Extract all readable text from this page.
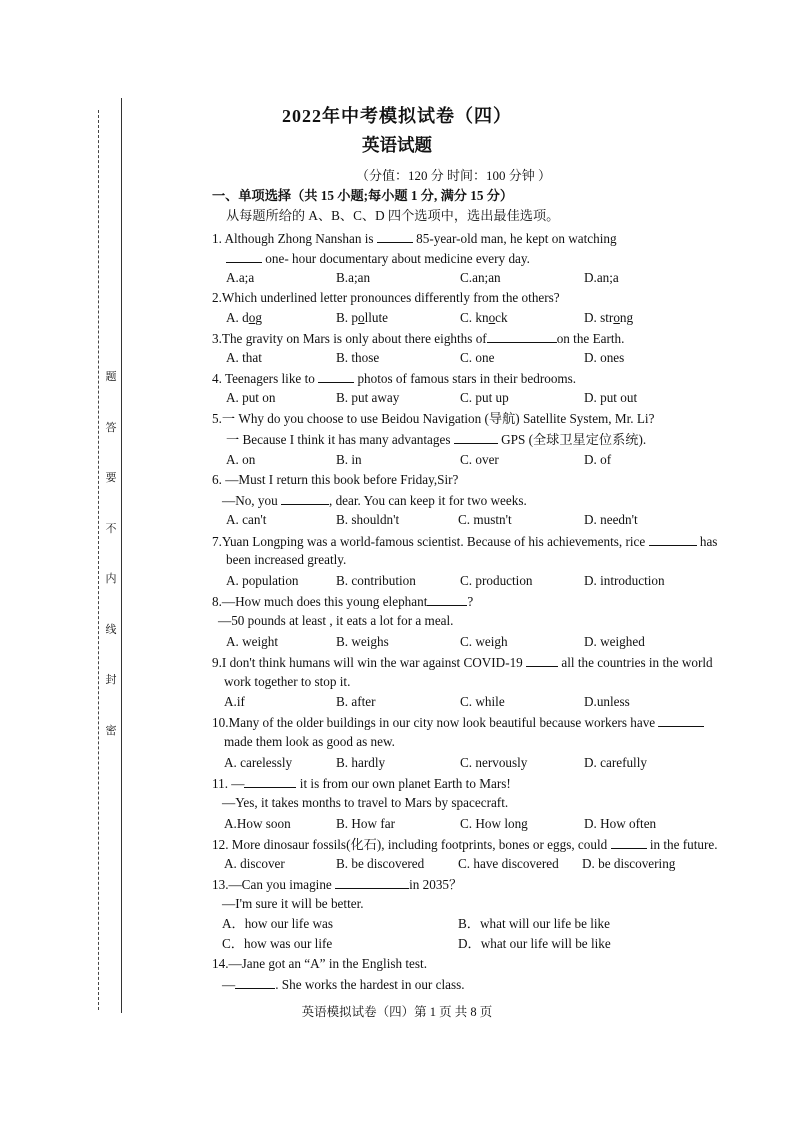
题
答
要
不
内
线
封
密
2022年中考模拟试卷（四）
英语试题
（分值：120 分 时间：100 分钟 ）
一、单项选择（共 15 小题;每小题 1 分, 满分 15 分）
从每题所给的 A、B、C、D 四个选项中，选出最佳选项。
1. Although Zhong Nanshan is	85-year-old man, he kept on watching
one- hour documentary about medicine every day.
A.a;a	B.a;an	C.an;an	D.an;a
2.Which underlined letter pronounces differently from the others?
A. dog	B. pollute	C. knock	D. strong
3.The gravity on Mars is only about there eighths of	on the Earth.
A. that	B. those	C. one	D. ones
4. Teenagers like to	photos of famous stars in their bedrooms.
A. put on	B. put away	C. put up	D. put out
5.一 Why do you choose to use Beidou Navigation (导航) Satellite System, Mr. Li?
一 Because I think it has many advantages	GPS (全球卫星定位系统).
A. on	B. in	C. over	D. of
6. —Must I return this book before Friday,Sir?
—No, you	, dear. You can keep it for two weeks.
A. can't	B. shouldn't	C. mustn't	D. needn't
7.Yuan Longping was a world-famous scientist. Because of his achievements, rice	has
been increased greatly.
A. population	B. contribution	C. production	D. introduction
8.—How much does this young elephant	?
—50 pounds at least , it eats a lot for a meal.
A. weight	B. weighs	C. weigh	D. weighed
9.I don't think humans will win the war against COVID-19	all the countries in the world
work together to stop it.
A.if	B. after	C. while	D.unless
10.Many of the older buildings in our city now look beautiful because workers have
made them look as good as new.
A. carelessly	B. hardly	C. nervously	D. carefully
11. —	it is from our own planet Earth to Mars!
—Yes, it takes months to travel to Mars by spacecraft.
A.How soon	B. How far	C. How long	D. How often
12. More dinosaur fossils(化石), including footprints, bones or eggs, could	in the future.
A. discover	B. be discovered	C. have discovered D. be discovering
13.—Can you imagine	in 2035？
—I'm sure it will be better.
A．how our life was	B．what will our life be like
C．how was our life	D．what our life will be like
14.—Jane got an “A” in the English test.
—	. She works the hardest in our class.
英语模拟试卷（四）第 1 页 共 8 页
